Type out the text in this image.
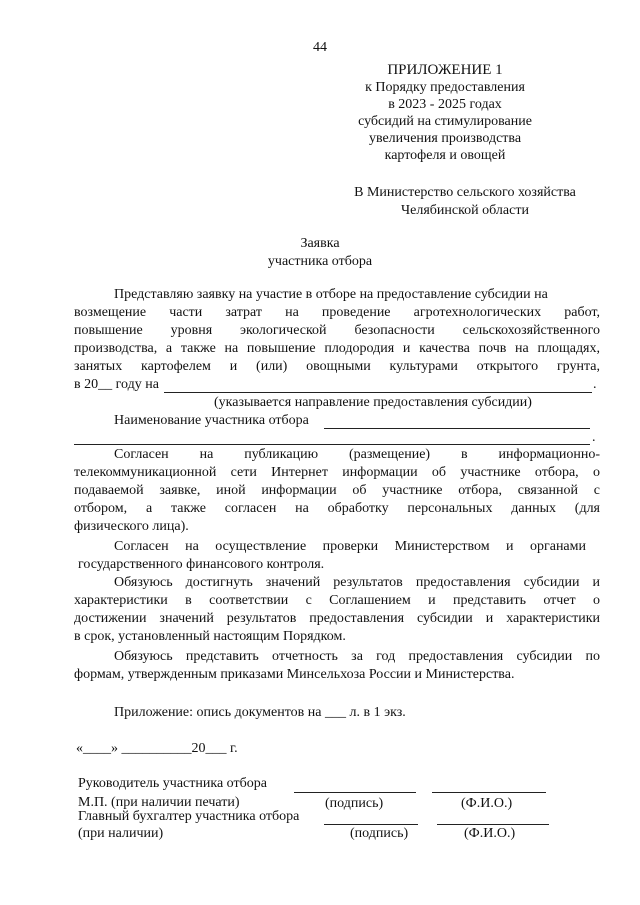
44
ПРИЛОЖЕНИЕ 1
к Порядку предоставления
в 2023 - 2025 годах
субсидий на стимулирование
увеличения производства
картофеля и овощей
В Министерство сельского хозяйства
Челябинской области
Заявка
участника отбора
Представляю заявку на участие в отборе на предоставление субсидии на
возмещение части затрат на проведение агротехнологических работ,
повышение уровня экологической безопасности сельскохозяйственного
производства, а также на повышение плодородия и качества почв на площадях,
занятых картофелем и (или) овощными культурами открытого грунта,
в 20__ году на	.
(указывается направление предоставления субсидии)
Наименование участника отбора
.
Согласен на публикацию (размещение) в информационно-
телекоммуникационной сети Интернет информации об участнике отбора, о
подаваемой заявке, иной информации об участнике отбора, связанной с
отбором, а также согласен на обработку персональных данных (для
физического лица).
Согласен на осуществление проверки Министерством и органами
государственного финансового контроля.
Обязуюсь достигнуть значений результатов предоставления субсидии и
характеристики в соответствии с Соглашением и представить отчет о
достижении значений результатов предоставления субсидии и характеристики
в срок, установленный настоящим Порядком.
Обязуюсь представить отчетность за год предоставления субсидии по
формам, утвержденным приказами Минсельхоза России и Министерства.
Приложение: опись документов на ___ л. в 1 экз.
«____» __________20___ г.
Руководитель участника отбора
М.П. (при наличии печати)	(подпись)	(Ф.И.О.)
Главный бухгалтер участника отбора
(при наличии)	(подпись)	(Ф.И.О.)
